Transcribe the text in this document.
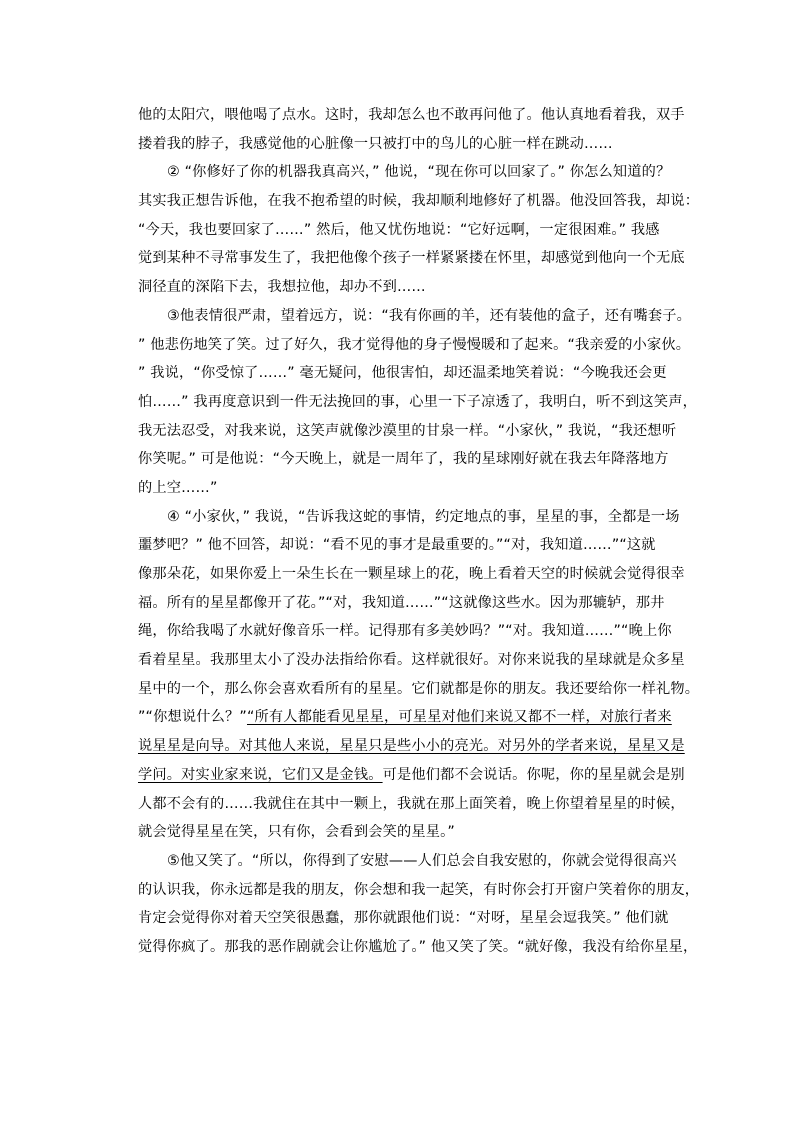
他的太阳穴，喂他喝了点水。这时，我却怎么也不敢再问他了。他认真地看着我，双手
搂着我的脖子，我感觉他的心脏像一只被打中的鸟儿的心脏一样在跳动……
② “你修好了你的机器我真高兴，” 他说，“现在你可以回家了。” 你怎么知道的？
其实我正想告诉他，在我不抱希望的时候，我却顺利地修好了机器。他没回答我，却说：
“今天，我也要回家了……” 然后，他又忧伤地说：“它好远啊，一定很困难。” 我感
觉到某种不寻常事发生了，我把他像个孩子一样紧紧搂在怀里，却感觉到他向一个无底
洞径直的深陷下去，我想拉他，却办不到……
③他表情很严肃，望着远方，说：“我有你画的羊，还有装他的盒子，还有嘴套子。
” 他悲伤地笑了笑。过了好久，我才觉得他的身子慢慢暖和了起来。“我亲爱的小家伙。
” 我说，“你受惊了……” 毫无疑问，他很害怕，却还温柔地笑着说：“今晚我还会更
怕……” 我再度意识到一件无法挽回的事，心里一下子凉透了，我明白，听不到这笑声，
我无法忍受，对我来说，这笑声就像沙漠里的甘泉一样。“小家伙，” 我说，“我还想听
你笑呢。” 可是他说：“今天晚上，就是一周年了，我的星球刚好就在我去年降落地方
的上空……”
④ “小家伙，” 我说，“告诉我这蛇的事情，约定地点的事，星星的事，全都是一场
噩梦吧？” 他不回答，却说：“看不见的事才是最重要的。”“对，我知道……”“这就
像那朵花，如果你爱上一朵生长在一颗星球上的花，晚上看着天空的时候就会觉得很幸
福。所有的星星都像开了花。”“对，我知道……”“这就像这些水。因为那辘轳，那井
绳，你给我喝了水就好像音乐一样。记得那有多美妙吗？”“对。我知道……”“晚上你
看着星星。我那里太小了没办法指给你看。这样就很好。对你来说我的星球就是众多星
星中的一个，那么你会喜欢看所有的星星。它们就都是你的朋友。我还要给你一样礼物。
”“你想说什么？”“所有人都能看见星星，可星星对他们来说又都不一样，对旅行者来
说星星是向导。对其他人来说，星星只是些小小的亮光。对另外的学者来说，星星又是
学问。对实业家来说，它们又是金钱。可是他们都不会说话。你呢，你的星星就会是别
人都不会有的……我就住在其中一颗上，我就在那上面笑着，晚上你望着星星的时候，
就会觉得星星在笑，只有你，会看到会笑的星星。”
⑤他又笑了。“所以，你得到了安慰——人们总会自我安慰的，你就会觉得很高兴
的认识我，你永远都是我的朋友，你会想和我一起笑，有时你会打开窗户笑着你的朋友，
肯定会觉得你对着天空笑很愚蠢，那你就跟他们说：“对呀，星星会逗我笑。” 他们就
觉得你疯了。那我的恶作剧就会让你尴尬了。” 他又笑了笑。“就好像，我没有给你星星，
